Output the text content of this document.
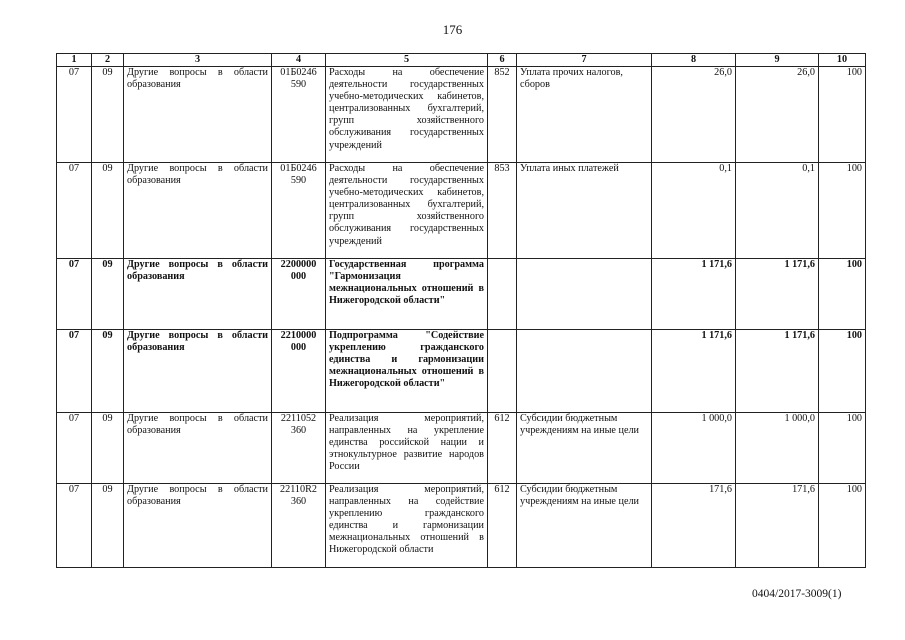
176
1	2	3	4	5	6	7	8	9	10
07	09	Другие вопросы в области образования	01Б0246 590	Расходы на обеспечение деятельности государственных учебно-методических кабинетов, централизованных бухгалтерий, групп хозяйственного обслуживания государственных учреждений	852	Уплата прочих налогов, сборов	26,0	26,0	100
07	09	Другие вопросы в области образования	01Б0246 590	Расходы на обеспечение деятельности государственных учебно-методических кабинетов, централизованных бухгалтерий, групп хозяйственного обслуживания государственных учреждений	853	Уплата иных платежей	0,1	0,1	100
07	09	Другие вопросы в области образования	2200000 000	Государственная программа "Гармонизация межнациональных отношений в Нижегородской области"			1 171,6	1 171,6	100
07	09	Другие вопросы в области образования	2210000 000	Подпрограмма "Содействие укреплению гражданского единства и гармонизации межнациональных отношений в Нижегородской области"			1 171,6	1 171,6	100
07	09	Другие вопросы в области образования	2211052 360	Реализация мероприятий, направленных на укрепление единства российской нации и этнокультурное развитие народов России	612	Субсидии бюджетным учреждениям на иные цели	1 000,0	1 000,0	100
07	09	Другие вопросы в области образования	22110R2 360	Реализация мероприятий, направленных на содействие укреплению гражданского единства и гармонизации межнациональных отношений в Нижегородской области	612	Субсидии бюджетным учреждениям на иные цели	171,6	171,6	100
0404/2017-3009(1)
